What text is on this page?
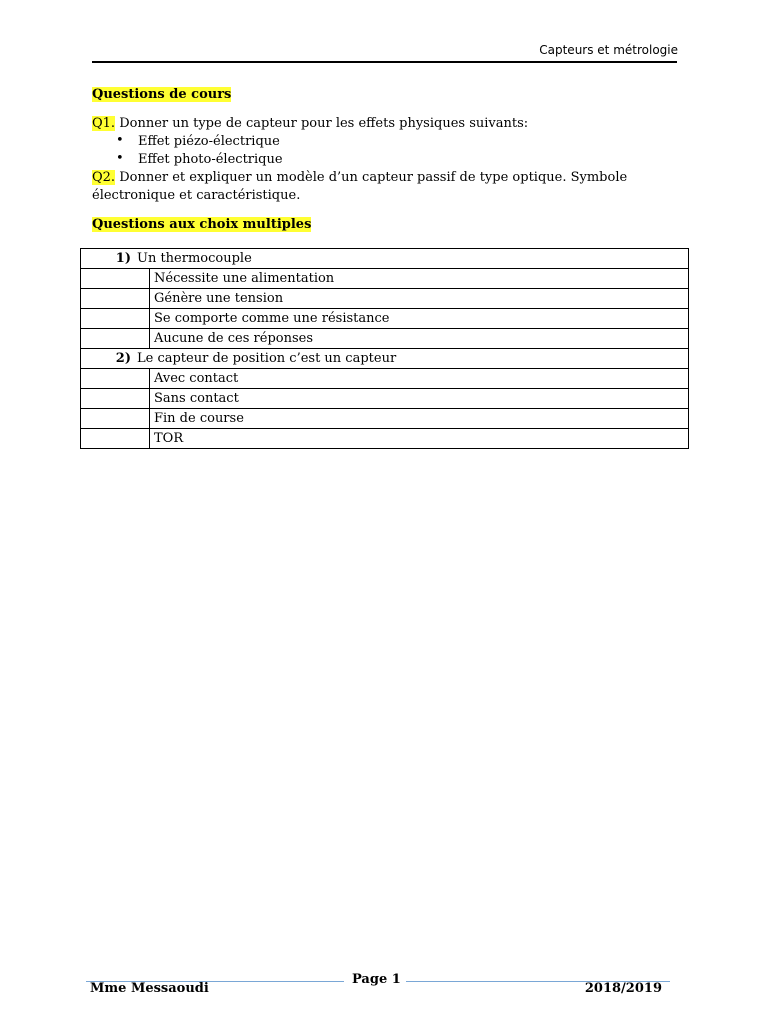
Capteurs et métrologie
Questions de cours
Q1. Donner un type de capteur pour les effets physiques suivants:
• Effet piézo-électrique
• Effet photo-électrique
Q2. Donner et expliquer un modèle d’un capteur passif de type optique. Symbole
électronique et caractéristique.
Questions aux choix multiples
1) Un thermocouple	
	Nécessite une alimentation
	Génère une tension
	Se comporte comme une résistance
	Aucune de ces réponses
2) Le capteur de position c’est un capteur	
	Avec contact
	Sans contact
	Fin de course
	TOR
Page 1
Mme Messaoudi	2018/2019
